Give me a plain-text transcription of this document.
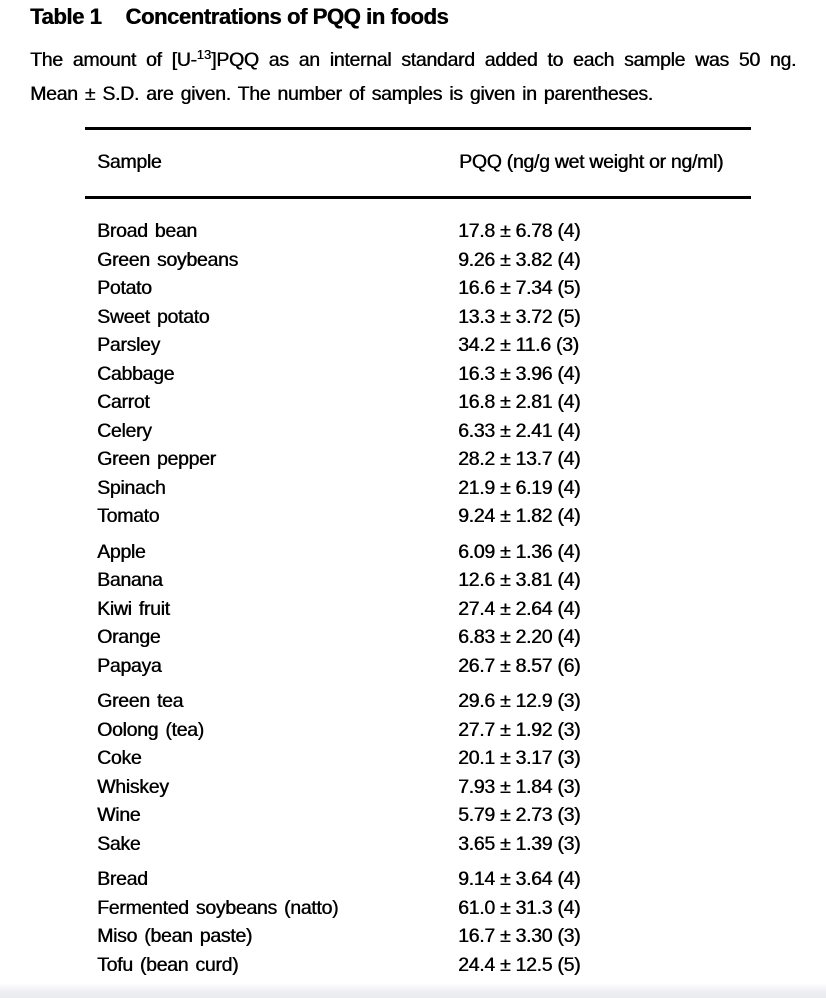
Table 1 Concentrations of PQQ in foods
The amount of [U-$^{13}$]PQQ as an internal standard added to each sample was 50 ng.
Mean ± S.D. are given. The number of samples is given in parentheses.
Sample	PQQ (ng/g wet weight or ng/ml)
Broad bean	17.8 ± 6.78 (4)
Green soybeans	9.26 ± 3.82 (4)
Potato	16.6 ± 7.34 (5)
Sweet potato	13.3 ± 3.72 (5)
Parsley	34.2 ± 11.6 (3)
Cabbage	16.3 ± 3.96 (4)
Carrot	16.8 ± 2.81 (4)
Celery	6.33 ± 2.41 (4)
Green pepper	28.2 ± 13.7 (4)
Spinach	21.9 ± 6.19 (4)
Tomato	9.24 ± 1.82 (4)
Apple	6.09 ± 1.36 (4)
Banana	12.6 ± 3.81 (4)
Kiwi fruit	27.4 ± 2.64 (4)
Orange	6.83 ± 2.20 (4)
Papaya	26.7 ± 8.57 (6)
Green tea	29.6 ± 12.9 (3)
Oolong (tea)	27.7 ± 1.92 (3)
Coke	20.1 ± 3.17 (3)
Whiskey	7.93 ± 1.84 (3)
Wine	5.79 ± 2.73 (3)
Sake	3.65 ± 1.39 (3)
Bread	9.14 ± 3.64 (4)
Fermented soybeans (natto)	61.0 ± 31.3 (4)
Miso (bean paste)	16.7 ± 3.30 (3)
Tofu (bean curd)	24.4 ± 12.5 (5)
